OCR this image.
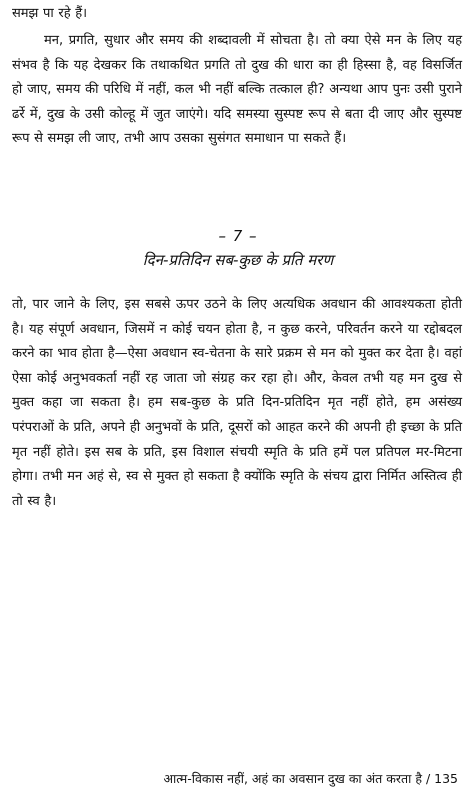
समझ पा रहे हैं।

मन, प्रगति, सुधार और समय की शब्दावली में सोचता है। तो क्या ऐसे मन के लिए यह संभव है कि यह देखकर कि तथाकथित प्रगति तो दुख की धारा का ही हिस्सा है, वह विसर्जित हो जाए, समय की परिधि में नहीं, कल भी नहीं बल्कि तत्काल ही? अन्यथा आप पुनः उसी पुराने ढर्रे में, दुख के उसी कोल्हू में जुत जाएंगे। यदि समस्या सुस्पष्ट रूप से बता दी जाए और सुस्पष्ट रूप से समझ ली जाए, तभी आप उसका सुसंगत समाधान पा सकते हैं।

– 7 –
दिन-प्रतिदिन सब-कुछ के प्रति मरण

तो, पार जाने के लिए, इस सबसे ऊपर उठने के लिए अत्यधिक अवधान की आवश्यकता होती है। यह संपूर्ण अवधान, जिसमें न कोई चयन होता है, न कुछ करने, परिवर्तन करने या रद्दोबदल करने का भाव होता है—ऐसा अवधान स्व-चेतना के सारे प्रक्रम से मन को मुक्त कर देता है। वहां ऐसा कोई अनुभवकर्ता नहीं रह जाता जो संग्रह कर रहा हो। और, केवल तभी यह मन दुख से मुक्त कहा जा सकता है। हम सब-कुछ के प्रति दिन-प्रतिदिन मृत नहीं होते, हम असंख्य परंपराओं के प्रति, अपने ही अनुभवों के प्रति, दूसरों को आहत करने की अपनी ही इच्छा के प्रति मृत नहीं होते। इस सब के प्रति, इस विशाल संचयी स्मृति के प्रति हमें पल प्रतिपल मर-मिटना होगा। तभी मन अहं से, स्व से मुक्त हो सकता है क्योंकि स्मृति के संचय द्वारा निर्मित अस्तित्व ही तो स्व है।

आत्म-विकास नहीं, अहं का अवसान दुख का अंत करता है / 135
